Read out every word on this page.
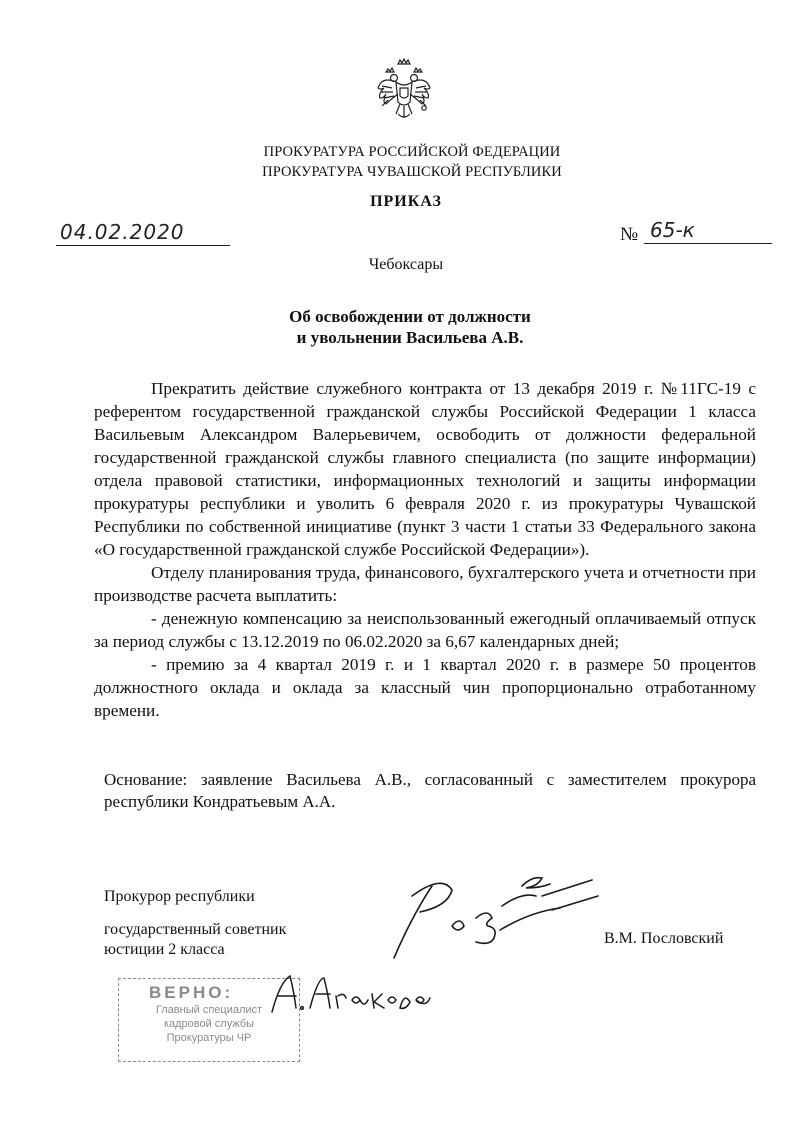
ПРОКУРАТУРА РОССИЙСКОЙ ФЕДЕРАЦИИ
ПРОКУРАТУРА ЧУВАШСКОЙ РЕСПУБЛИКИ
ПРИКАЗ
04.02.2020	№ 65-к
Чебоксары
Об освобождении от должности
и увольнении Васильева А.В.

Прекратить действие служебного контракта от 13 декабря 2019 г. №11ГС-19 с референтом государственной гражданской службы Российской Федерации 1 класса Васильевым Александром Валерьевичем, освободить от должности федеральной государственной гражданской службы главного специалиста (по защите информации) отдела правовой статистики, информационных технологий и защиты информации прокуратуры республики и уволить 6 февраля 2020 г. из прокуратуры Чувашской Республики по собственной инициативе (пункт 3 части 1 статьи 33 Федерального закона «О государственной гражданской службе Российской Федерации»).

Отделу планирования труда, финансового, бухгалтерского учета и отчетности при производстве расчета выплатить:

- денежную компенсацию за неиспользованный ежегодный оплачиваемый отпуск за период службы с 13.12.2019 по 06.02.2020 за 6,67 календарных дней;

- премию за 4 квартал 2019 г. и 1 квартал 2020 г. в размере 50 процентов должностного оклада и оклада за классный чин пропорционально отработанному времени.

Основание: заявление Васильева А.В., согласованный с заместителем прокурора республики Кондратьевым А.А.
Прокурор республики
государственный советник
юстиции 2 класса
В.М. Пословский
ВЕРНО:
Главный специалист
кадровой службы
Прокуратуры ЧР
